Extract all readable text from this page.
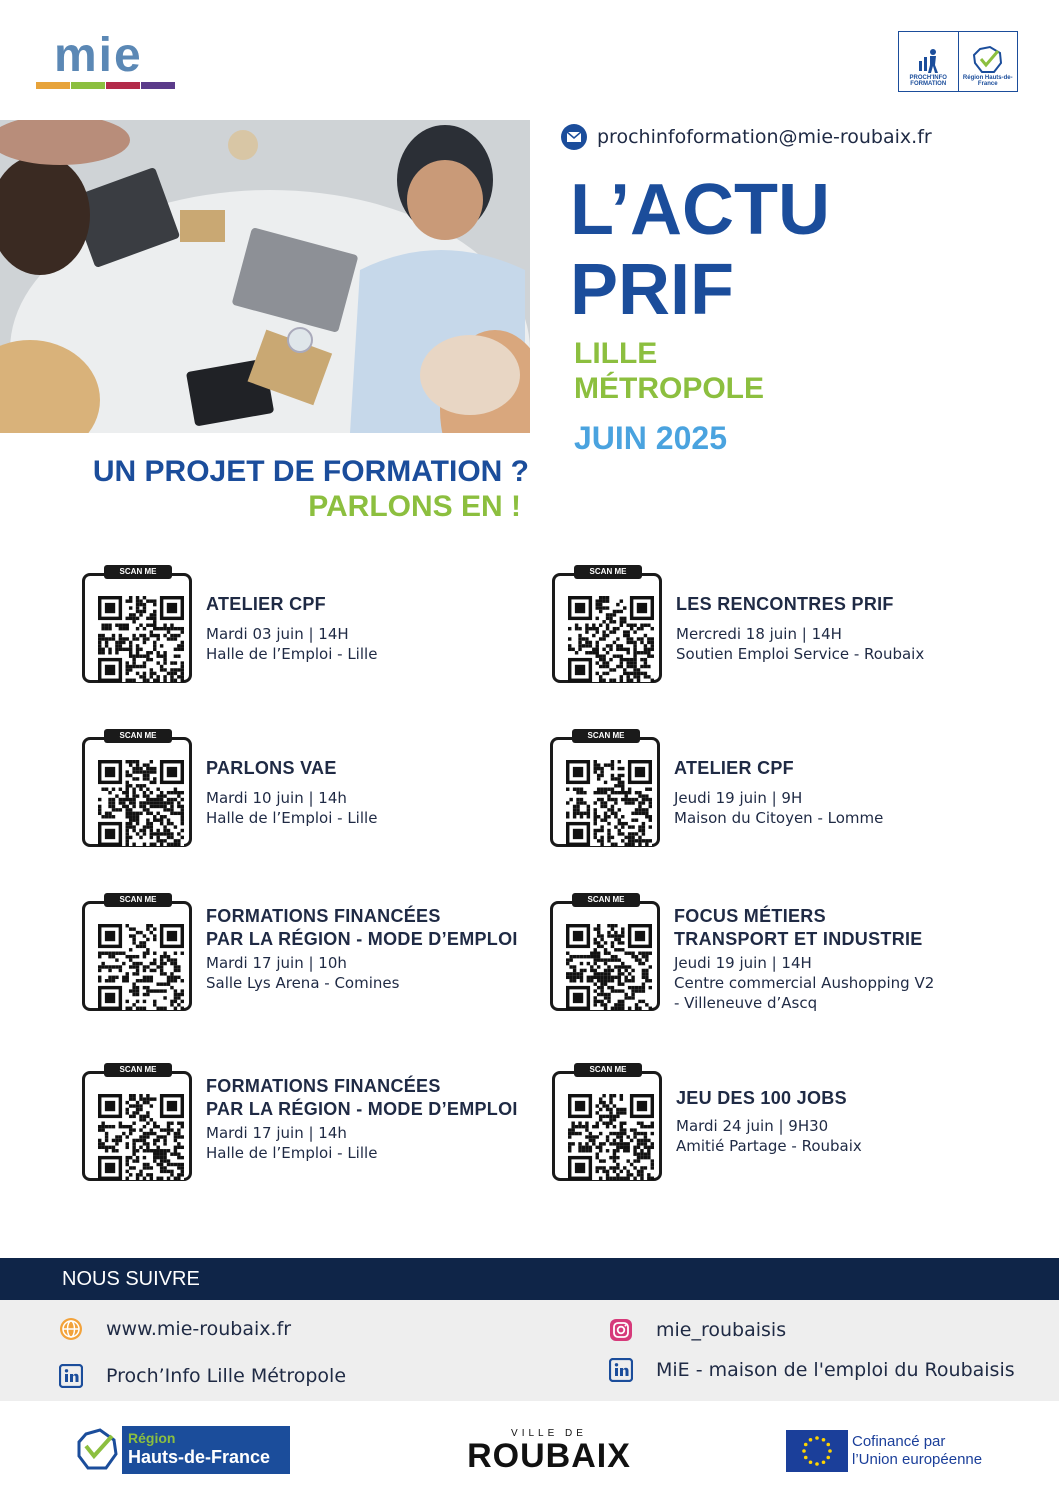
mie	PROCH'INFO FORMATION
Région Hauts-de-France
prochinfoformation@mie-roubaix.fr
L’ACTU
PRIF
LILLE
MÉTROPOLE
JUIN 2025
UN PROJET DE FORMATION ?
PARLONS EN !
SCAN ME
ATELIER CPF
Mardi 03 juin | 14H
Halle de l’Emploi - Lille
SCAN ME
LES RENCONTRES PRIF
Mercredi 18 juin | 14H
Soutien Emploi Service - Roubaix
SCAN ME
PARLONS VAE
Mardi 10 juin | 14h
Halle de l’Emploi - Lille
SCAN ME
ATELIER CPF
Jeudi 19 juin | 9H
Maison du Citoyen - Lomme
SCAN ME
FORMATIONS FINANCÉES
PAR LA RÉGION - MODE D’EMPLOI
Mardi 17 juin | 10h
Salle Lys Arena - Comines
SCAN ME
FOCUS MÉTIERS
TRANSPORT ET INDUSTRIE
Jeudi 19 juin | 14H
Centre commercial Aushopping V2
- Villeneuve d’Ascq
SCAN ME
FORMATIONS FINANCÉES
PAR LA RÉGION - MODE D’EMPLOI
Mardi 17 juin | 14h
Halle de l’Emploi - Lille
SCAN ME
JEU DES 100 JOBS
Mardi 24 juin | 9H30
Amitié Partage - Roubaix
NOUS SUIVRE
www.mie-roubaix.fr
Proch’Info Lille Métropole
mie_roubaisis
MiE - maison de l'emploi du Roubaisis
Région
Hauts-de-France
VILLE DE
ROUBAIX	Cofinancé par
l’Union européenne
